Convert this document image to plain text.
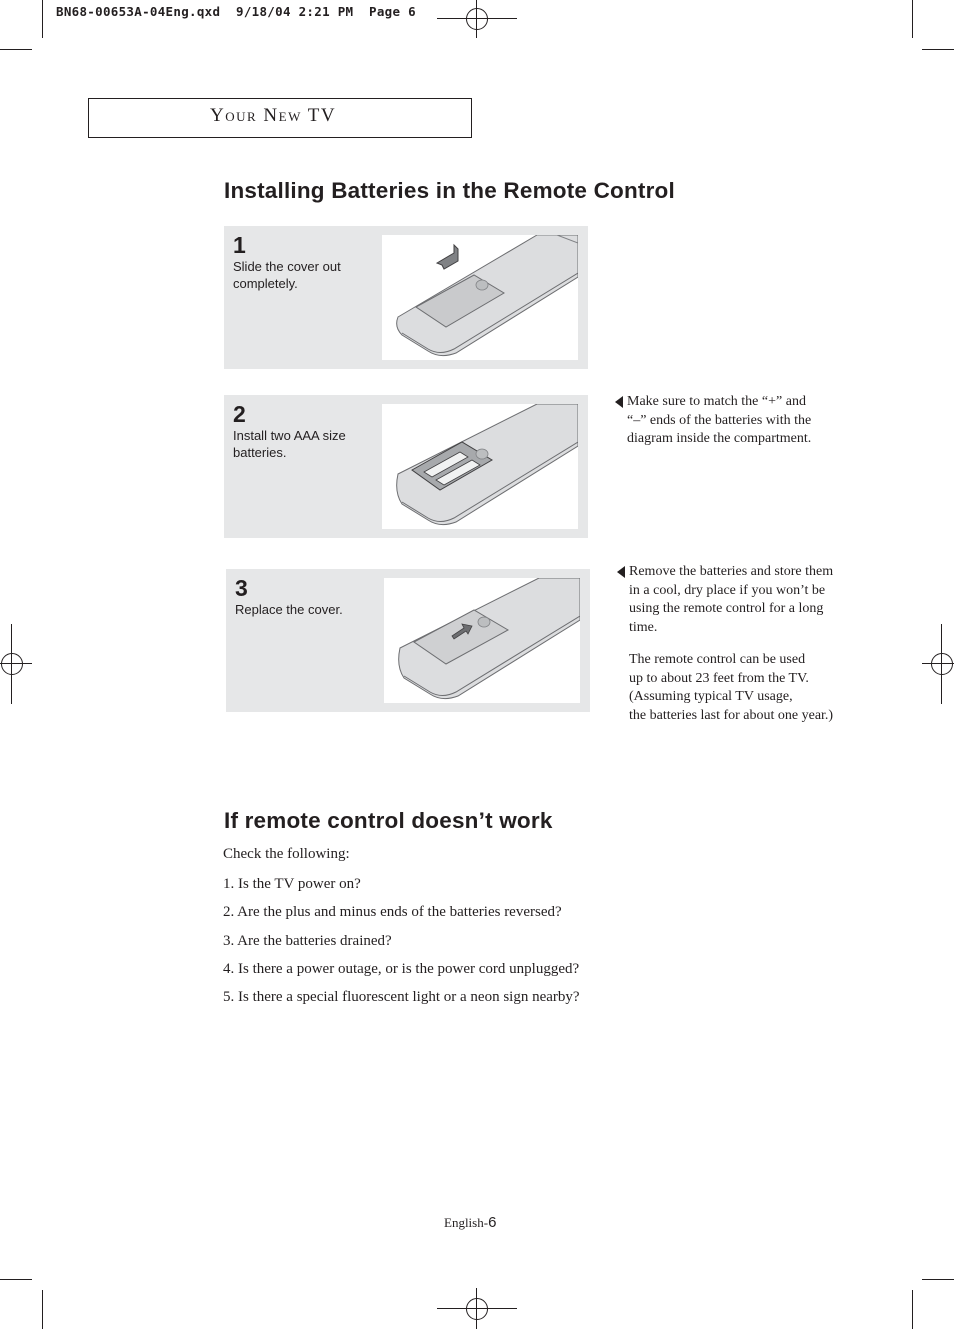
BN68-00653A-04Eng.qxd  9/18/04 2:21 PM  Page 6
Your New TV
Installing Batteries in the Remote Control
1
Slide the cover out completely.
2
Install two AAA size batteries.
3
Replace the cover.
Make sure to match the “+” and
“–” ends of the batteries with the
diagram inside the compartment.
Remove the batteries and store them
in a cool, dry place if you won’t be
using the remote control for a long
time.
The remote control can be used
up to about 23 feet from the TV.
(Assuming typical TV usage,
the batteries last for about one year.)
If remote control doesn’t work
Check the following:
1. Is the TV power on?
2. Are the plus and minus ends of the batteries reversed?
3. Are the batteries drained?
4. Is there a power outage, or is the power cord unplugged?
5. Is there a special fluorescent light or a neon sign nearby?
English-6
